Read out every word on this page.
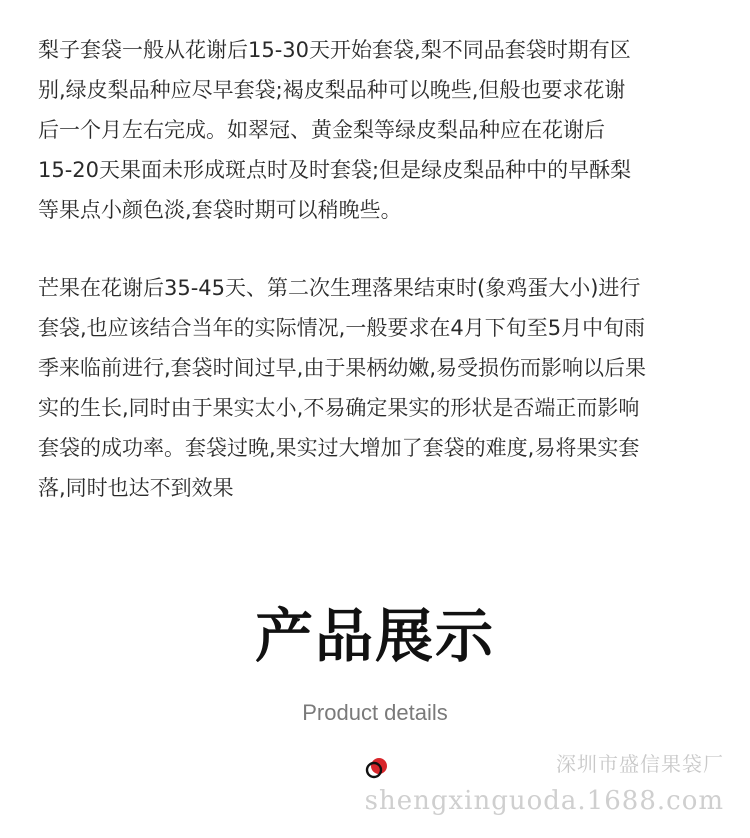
梨子套袋一般从花谢后15-30天开始套袋,梨不同品套袋时期有区
别,绿皮梨品种应尽早套袋;褐皮梨品种可以晚些,但般也要求花谢
后一个月左右完成。如翠冠、黄金梨等绿皮梨品种应在花谢后
15-20天果面未形成斑点时及时套袋;但是绿皮梨品种中的早酥梨
等果点小颜色淡,套袋时期可以稍晚些。
芒果在花谢后35-45天、第二次生理落果结束时(象鸡蛋大小)进行
套袋,也应该结合当年的实际情况,一般要求在4月下旬至5月中旬雨
季来临前进行,套袋时间过早,由于果柄幼嫩,易受损伤而影响以后果
实的生长,同时由于果实太小,不易确定果实的形状是否端正而影响
套袋的成功率。套袋过晚,果实过大增加了套袋的难度,易将果实套
落,同时也达不到效果
产品展示
Product details
深圳市盛信果袋厂
shengxinguoda.1688.com
